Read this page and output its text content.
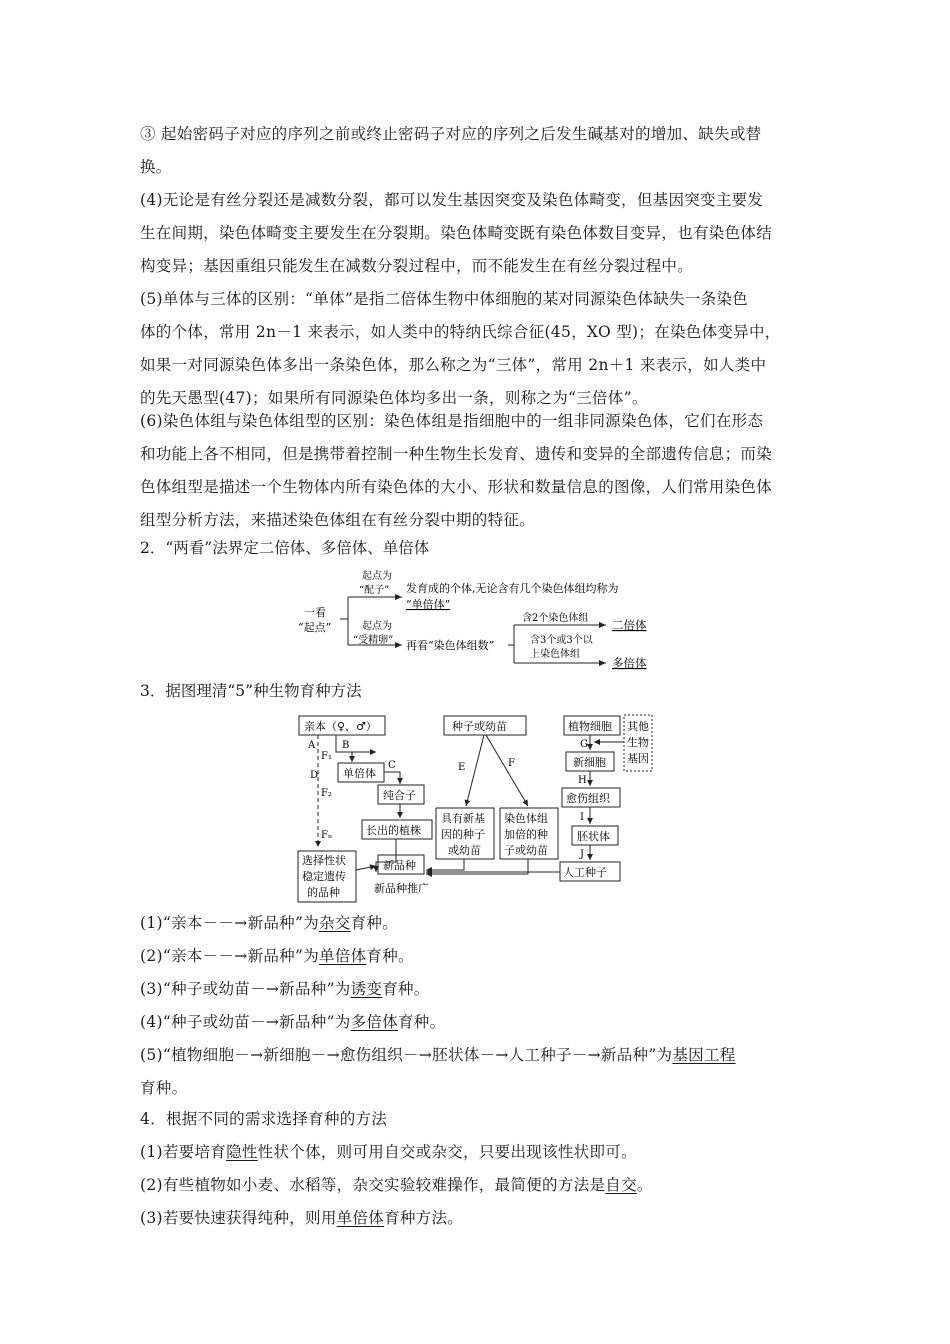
③ 起始密码子对应的序列之前或终止密码子对应的序列之后发生碱基对的增加、缺失或替
换。
(4)无论是有丝分裂还是减数分裂，都可以发生基因突变及染色体畸变，但基因突变主要发
生在间期，染色体畸变主要发生在分裂期。染色体畸变既有染色体数目变异，也有染色体结
构变异；基因重组只能发生在减数分裂过程中，而不能发生在有丝分裂过程中。
(5)单体与三体的区别：“单体”是指二倍体生物中体细胞的某对同源染色体缺失一条染色
体的个体，常用 2n－1 来表示，如人类中的特纳氏综合征(45，XO 型)；在染色体变异中，
如果一对同源染色体多出一条染色体，那么称之为“三体”，常用 2n＋1 来表示，如人类中
的先天愚型(47)；如果所有同源染色体均多出一条，则称之为“三倍体”。
(6)染色体组与染色体组型的区别：染色体组是指细胞中的一组非同源染色体，它们在形态
和功能上各不相同，但是携带着控制一种生物生长发育、遗传和变异的全部遗传信息；而染
色体组型是描述一个生物体内所有染色体的大小、形状和数量信息的图像，人们常用染色体
组型分析方法，来描述染色体组在有丝分裂中期的特征。
2．“两看”法界定二倍体、多倍体、单倍体
一看
“起点”
起点为
“配子” 发育成的个体,无论含有几个染色体组均称为
“单倍体”
起点为
“受精卵” 再看“染色体组数”
含2个染色体组 二倍体
含3个或3个以
上染色体组
多倍体
3．据图理清“5”种生物育种方法
亲本（♀、♂）
A	B
F₁
D
F₂
Fₙ
C
单倍体
纯合子
长出的植株
选择性状
稳定遗传
的品种
种子或幼苗
E	F
具有新基
因的种子
或幼苗
染色体组
加倍的种
子或幼苗
新品种
新品种推广
植物细胞 其他
生物
基因
G
新细胞
H
愈伤组织
I
胚状体
J
人工种子
(1)“亲本－－→新品种”为杂交育种。
(2)“亲本－－→新品种”为单倍体育种。
(3)“种子或幼苗－→新品种”为诱变育种。
(4)“种子或幼苗－→新品种”为多倍体育种。
(5)“植物细胞－→新细胞－→愈伤组织－→胚状体－→人工种子－→新品种”为基因工程
育种。
4．根据不同的需求选择育种的方法
(1)若要培育隐性性状个体，则可用自交或杂交，只要出现该性状即可。
(2)有些植物如小麦、水稻等，杂交实验较难操作，最简便的方法是自交。
(3)若要快速获得纯种，则用单倍体育种方法。
